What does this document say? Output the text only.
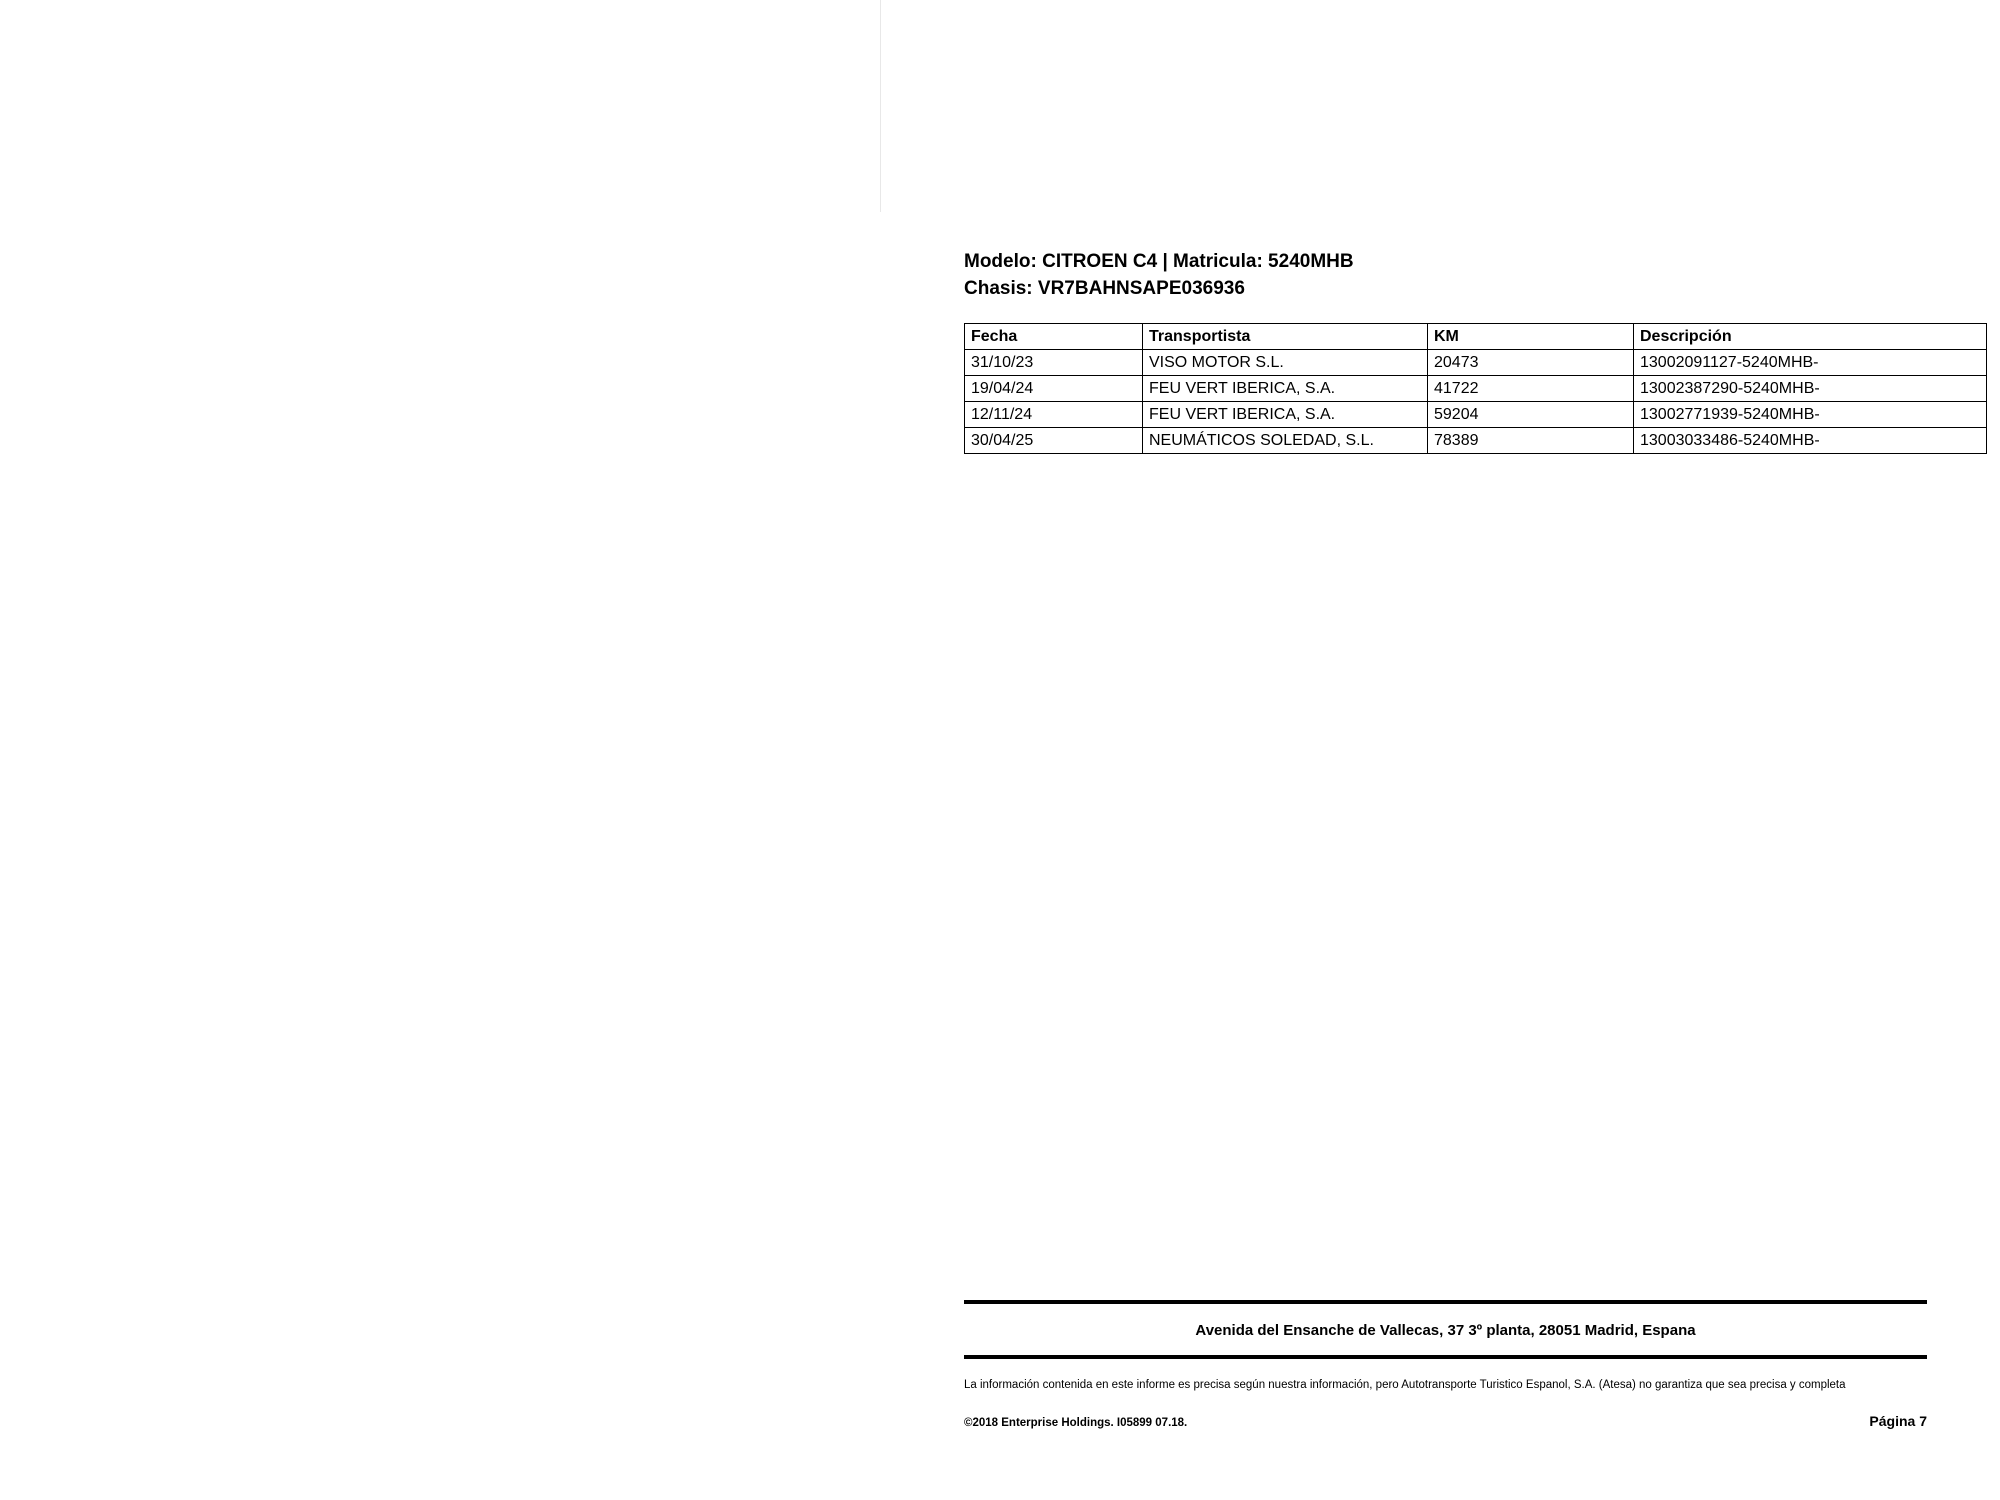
Modelo: CITROEN C4 | Matricula: 5240MHB
Chasis: VR7BAHNSAPE036936
Fecha	Transportista	KM	Descripción
31/10/23	VISO MOTOR S.L.	20473	13002091127-5240MHB-
19/04/24	FEU VERT IBERICA, S.A.	41722	13002387290-5240MHB-
12/11/24	FEU VERT IBERICA, S.A.	59204	13002771939-5240MHB-
30/04/25	NEUMÁTICOS SOLEDAD, S.L.	78389	13003033486-5240MHB-
Avenida del Ensanche de Vallecas, 37 3º planta, 28051 Madrid, Espana
La información contenida en este informe es precisa según nuestra información, pero Autotransporte Turistico Espanol, S.A. (Atesa) no garantiza que sea precisa y completa
©2018 Enterprise Holdings. I05899 07.18.	Página 7
